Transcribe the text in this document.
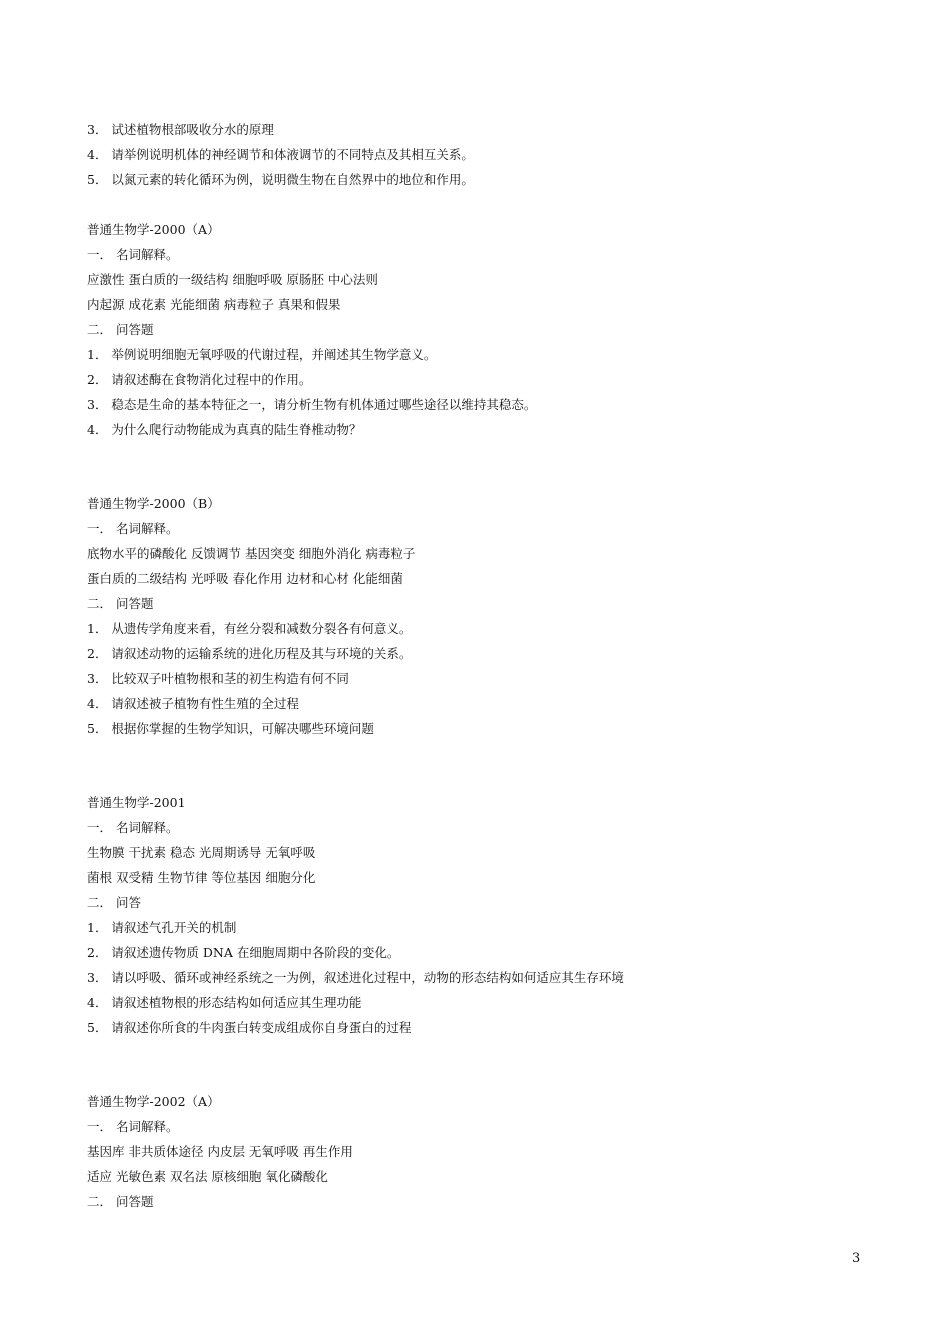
3． 试述植物根部吸收分水的原理
4． 请举例说明机体的神经调节和体液调节的不同特点及其相互关系。
5． 以氮元素的转化循环为例，说明微生物在自然界中的地位和作用。
普通生物学-2000（A）
一． 名词解释。
应激性 蛋白质的一级结构 细胞呼吸 原肠胚 中心法则
内起源 成花素 光能细菌 病毒粒子 真果和假果
二． 问答题
1． 举例说明细胞无氧呼吸的代谢过程，并阐述其生物学意义。
2． 请叙述酶在食物消化过程中的作用。
3． 稳态是生命的基本特征之一，请分析生物有机体通过哪些途径以维持其稳态。
4． 为什么爬行动物能成为真真的陆生脊椎动物？
普通生物学-2000（B）
一． 名词解释。
底物水平的磷酸化 反馈调节 基因突变 细胞外消化 病毒粒子
蛋白质的二级结构 光呼吸 春化作用 边材和心材 化能细菌
二． 问答题
1． 从遗传学角度来看，有丝分裂和减数分裂各有何意义。
2． 请叙述动物的运输系统的进化历程及其与环境的关系。
3． 比较双子叶植物根和茎的初生构造有何不同
4． 请叙述被子植物有性生殖的全过程
5． 根据你掌握的生物学知识，可解决哪些环境问题
普通生物学-2001
一． 名词解释。
生物膜 干扰素 稳态 光周期诱导 无氧呼吸
菌根 双受精 生物节律 等位基因 细胞分化
二． 问答
1． 请叙述气孔开关的机制
2． 请叙述遗传物质 DNA 在细胞周期中各阶段的变化。
3． 请以呼吸、循环或神经系统之一为例，叙述进化过程中，动物的形态结构如何适应其生存环境
4． 请叙述植物根的形态结构如何适应其生理功能
5． 请叙述你所食的牛肉蛋白转变成组成你自身蛋白的过程
普通生物学-2002（A）
一． 名词解释。
基因库 非共质体途径 内皮层 无氧呼吸 再生作用
适应 光敏色素 双名法 原核细胞 氧化磷酸化
二． 问答题
3
